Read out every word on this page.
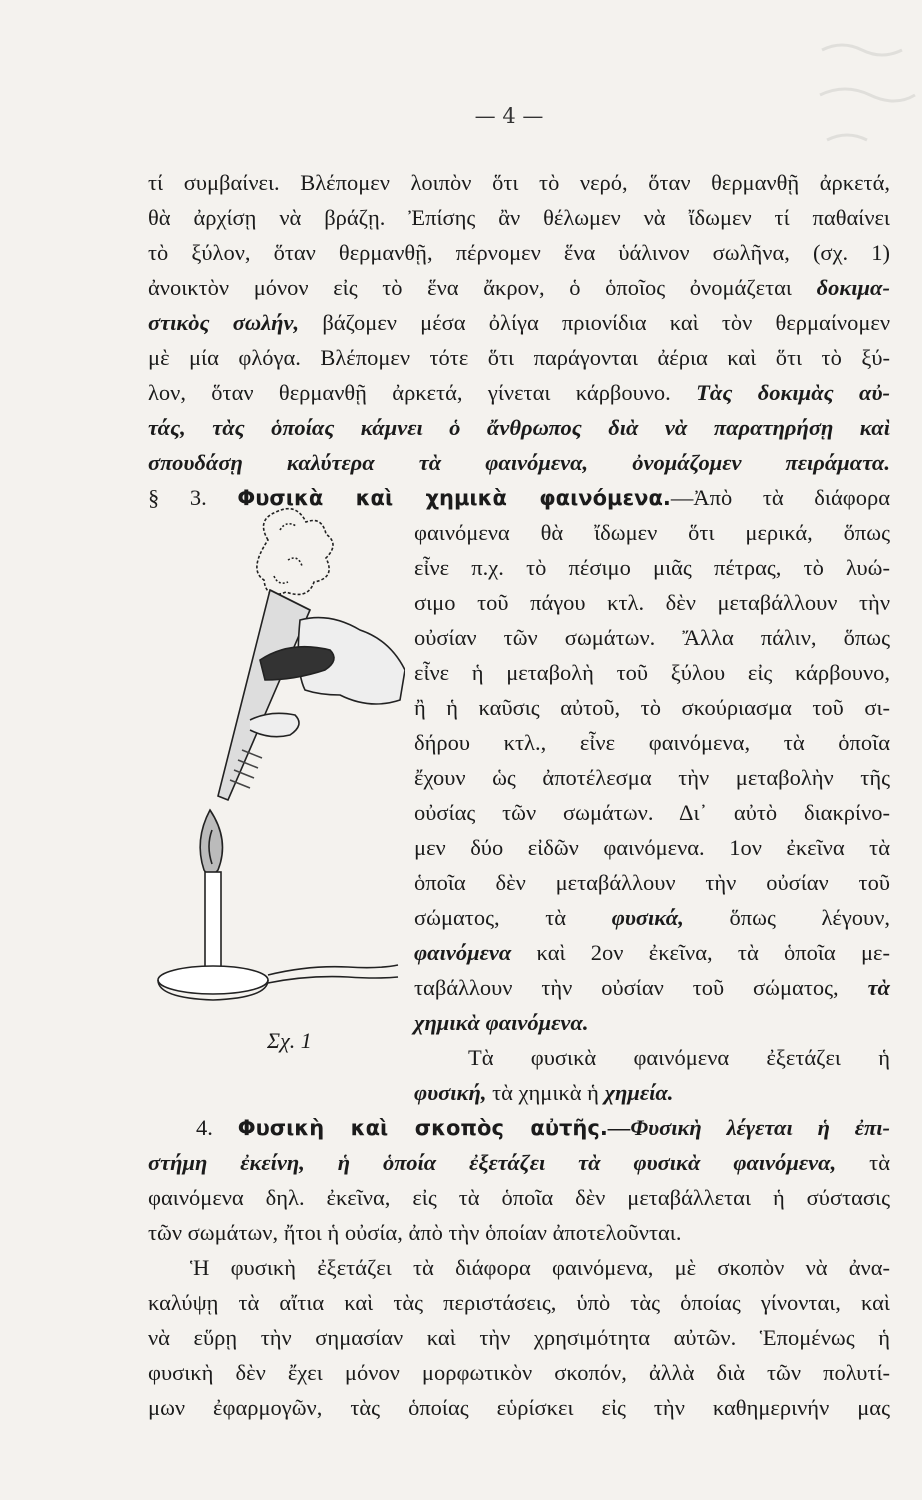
— 4 —
τί συμβαίνει. Βλέπομεν λοιπὸν ὅτι τὸ νερό, ὅταν θερμανθῇ ἀρκετά,
θὰ ἀρχίσῃ νὰ βράζῃ. Ἐπίσης ἂν θέλωμεν νὰ ἴδωμεν τί παθαίνει
τὸ ξύλον, ὅταν θερμανθῇ, πέρνομεν ἕνα ὑάλινον σωλῆνα, (σχ. 1)
ἀνοικτὸν μόνον εἰς τὸ ἕνα ἄκρον, ὁ ὁποῖος ὀνομάζεται δοκιμα-
στικὸς σωλήν, βάζομεν μέσα ὀλίγα πριονίδια καὶ τὸν θερμαίνομεν
μὲ μία φλόγα. Βλέπομεν τότε ὅτι παράγονται ἀέρια καὶ ὅτι τὸ ξύ-
λον, ὅταν θερμανθῇ ἀρκετά, γίνεται κάρβουνο. Τὰς δοκιμὰς αὐ-
τάς, τὰς ὁποίας κάμνει ὁ ἄνθρωπος διὰ νὰ παρατηρήσῃ καὶ
σπουδάσῃ καλύτερα τὰ φαινόμενα, ὀνομάζομεν πειράματα.
§ 3. Φυσικὰ καὶ χημικὰ φαινόμενα.—Ἀπὸ τὰ διάφορα
Σχ. 1
φαινόμενα θὰ ἴδωμεν ὅτι μερικά, ὅπως
εἶνε π.χ. τὸ πέσιμο μιᾶς πέτρας, τὸ λυώ-
σιμο τοῦ πάγου κτλ. δὲν μεταβάλλουν τὴν
οὐσίαν τῶν σωμάτων. Ἄλλα πάλιν, ὅπως
εἶνε ἡ μεταβολὴ τοῦ ξύλου εἰς κάρβουνο,
ἢ ἡ καῦσις αὐτοῦ, τὸ σκούριασμα τοῦ σι-
δήρου κτλ., εἶνε φαινόμενα, τὰ ὁποῖα
ἔχουν ὡς ἀποτέλεσμα τὴν μεταβολὴν τῆς
οὐσίας τῶν σωμάτων. Δι᾽ αὐτὸ διακρίνο-
μεν δύο εἰδῶν φαινόμενα. 1ον ἐκεῖνα τὰ
ὁποῖα δὲν μεταβάλλουν τὴν οὐσίαν τοῦ
σώματος, τὰ φυσικά, ὅπως λέγουν,
φαινόμενα καὶ 2ον ἐκεῖνα, τὰ ὁποῖα με-
ταβάλλουν τὴν οὐσίαν τοῦ σώματος, τὰ
χημικὰ φαινόμενα.
Τὰ φυσικὰ φαινόμενα ἐξετάζει ἡ
φυσική, τὰ χημικὰ ἡ χημεία.
4. Φυσικὴ καὶ σκοπὸς αὐτῆς.—Φυσικὴ λέγεται ἡ ἐπι-
στήμη ἐκείνη, ἡ ὁποία ἐξετάζει τὰ φυσικὰ φαινόμενα, τὰ
φαινόμενα δηλ. ἐκεῖνα, εἰς τὰ ὁποῖα δὲν μεταβάλλεται ἡ σύστασις
τῶν σωμάτων, ἤτοι ἡ οὐσία, ἀπὸ τὴν ὁποίαν ἀποτελοῦνται.
Ἡ φυσικὴ ἐξετάζει τὰ διάφορα φαινόμενα, μὲ σκοπὸν νὰ ἀνα-
καλύψῃ τὰ αἴτια καὶ τὰς περιστάσεις, ὑπὸ τὰς ὁποίας γίνονται, καὶ
νὰ εὕρῃ τὴν σημασίαν καὶ τὴν χρησιμότητα αὐτῶν. Ἑπομένως ἡ
φυσικὴ δὲν ἔχει μόνον μορφωτικὸν σκοπόν, ἀλλὰ διὰ τῶν πολυτί-
μων ἐφαρμογῶν, τὰς ὁποίας εὑρίσκει εἰς τὴν καθημερινήν μας
